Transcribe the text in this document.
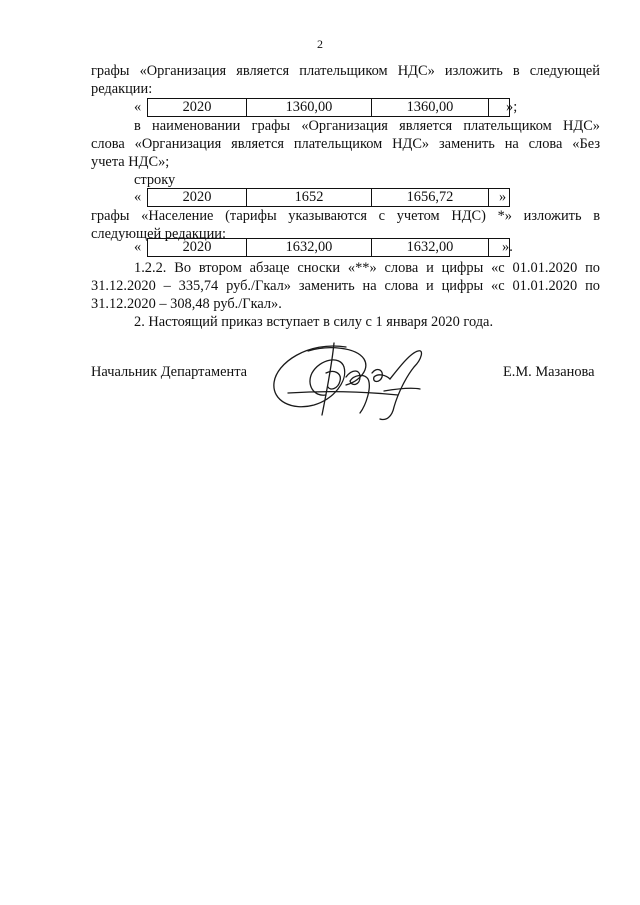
2
графы «Организация является плательщиком НДС» изложить в следующей
редакции:
«	2020	1360,00	1360,00	»;
в наименовании графы «Организация является плательщиком НДС»
слова «Организация является плательщиком НДС» заменить на слова «Без
учета НДС»;
строку
«	2020	1652	1656,72	»
графы «Население (тарифы указываются с учетом НДС) *» изложить в
следующей редакции:
«	2020	1632,00	1632,00	».
1.2.2. Во втором абзаце сноски «**» слова и цифры «с 01.01.2020 по
31.12.2020 – 335,74 руб./Гкал» заменить на слова и цифры «с 01.01.2020 по
31.12.2020 – 308,48 руб./Гкал».
2. Настоящий приказ вступает в силу с 1 января 2020 года.
Начальник Департамента	Е.М. Мазанова
